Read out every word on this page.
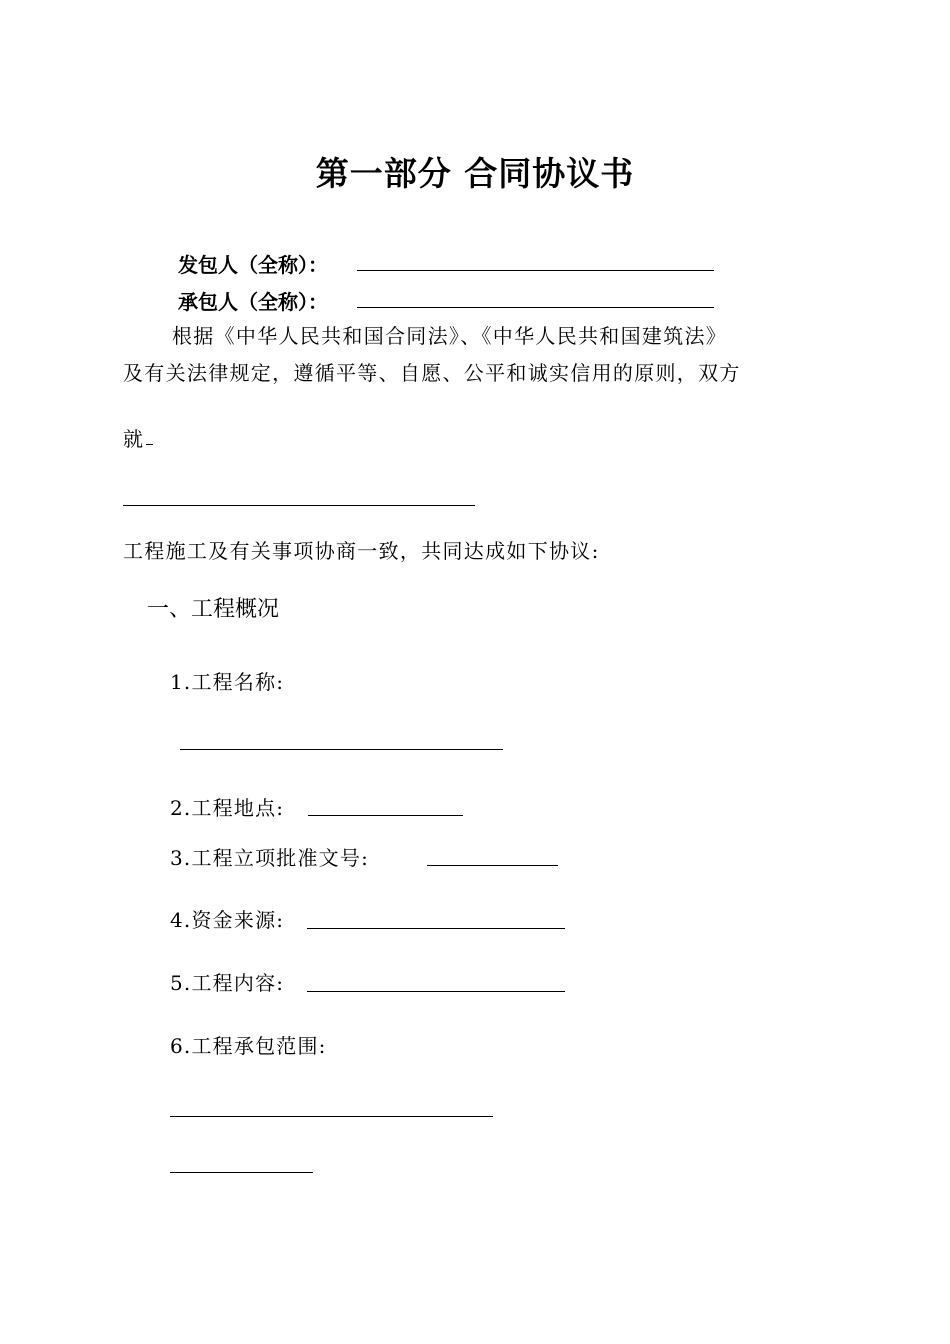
第一部分 合同协议书
发包人（全称）：
承包人（全称）：
根据《中华人民共和国合同法》、《中华人民共和国建筑法》
及有关法律规定，遵循平等、自愿、公平和诚实信用的原则，双方
就
工程施工及有关事项协商一致，共同达成如下协议:
一、工程概况
1.工程名称:
2.工程地点:
3.工程立项批准文号:
4.资金来源:
5.工程内容:
6.工程承包范围:
